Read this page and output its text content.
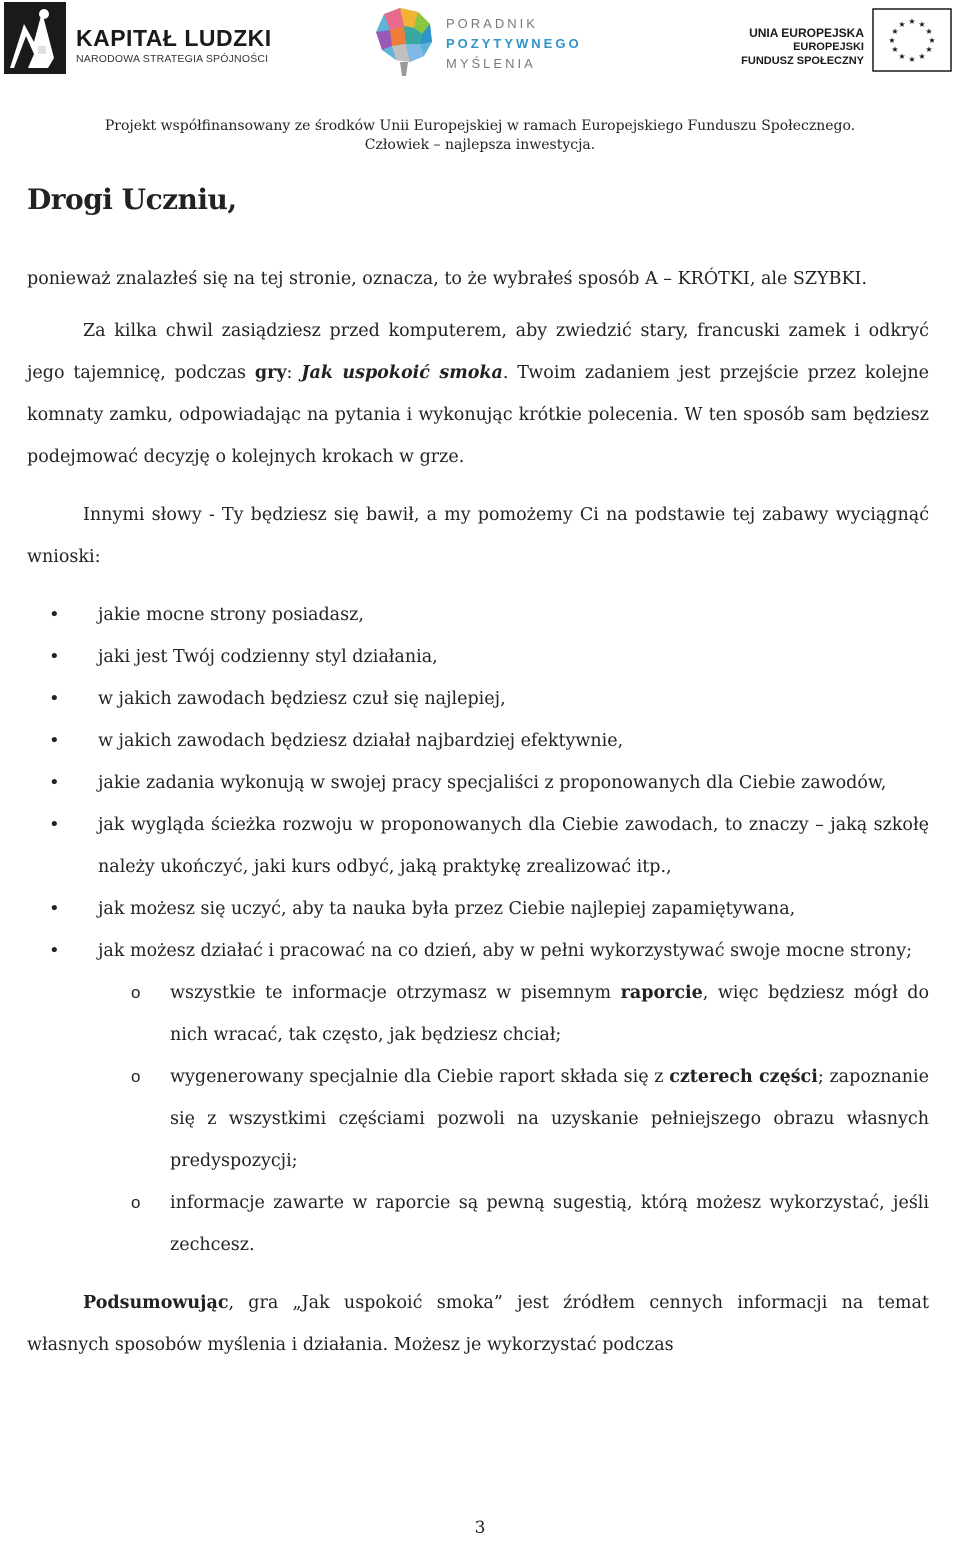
KAPITAŁ LUDZKI
NARODOWA STRATEGIA SPÓJNOŚCI
PORADNIK
POZYTYWNEGO
MYŚLENIA
UNIA EUROPEJSKA
EUROPEJSKI
FUNDUSZ SPOŁECZNY
★ ★
★
★
★
★
★
★
★
★
★
★
Projekt współfinansowany ze środków Unii Europejskiej w ramach Europejskiego Funduszu Społecznego.
Człowiek – najlepsza inwestycja.
Drogi Uczniu,

ponieważ znalazłeś się na tej stronie, oznacza, to że wybrałeś sposób A – KRÓTKI, ale SZYBKI.

Za kilka chwil zasiądziesz przed komputerem, aby zwiedzić stary, francuski zamek i odkryć jego tajemnicę, podczas gry: Jak uspokoić smoka. Twoim zadaniem jest przejście przez kolejne komnaty zamku, odpowiadając na pytania i wykonując krótkie polecenia. W ten sposób sam będziesz podejmować decyzję o kolejnych krokach w grze.

Innymi słowy - Ty będziesz się bawił, a my pomożemy Ci na podstawie tej zabawy wyciągnąć wnioski:

• jakie mocne strony posiadasz,
• jaki jest Twój codzienny styl działania,
• w jakich zawodach będziesz czuł się najlepiej,
• w jakich zawodach będziesz działał najbardziej efektywnie,
• jakie zadania wykonują w swojej pracy specjaliści z proponowanych dla Ciebie zawodów,
• jak wygląda ścieżka rozwoju w proponowanych dla Ciebie zawodach, to znaczy – jaką szkołę należy ukończyć, jaki kurs odbyć, jaką praktykę zrealizować itp.,
• jak możesz się uczyć, aby ta nauka była przez Ciebie najlepiej zapamiętywana,
• jak możesz działać i pracować na co dzień, aby w pełni wykorzystywać swoje mocne strony;
o wszystkie te informacje otrzymasz w pisemnym raporcie, więc będziesz mógł do nich wracać, tak często, jak będziesz chciał;
o wygenerowany specjalnie dla Ciebie raport składa się z czterech części; zapoznanie się z wszystkimi częściami pozwoli na uzyskanie pełniejszego obrazu własnych predyspozycji;
o informacje zawarte w raporcie są pewną sugestią, którą możesz wykorzystać, jeśli zechcesz.

Podsumowując, gra „Jak uspokoić smoka” jest źródłem cennych informacji na temat własnych sposobów myślenia i działania. Możesz je wykorzystać podczas

3
